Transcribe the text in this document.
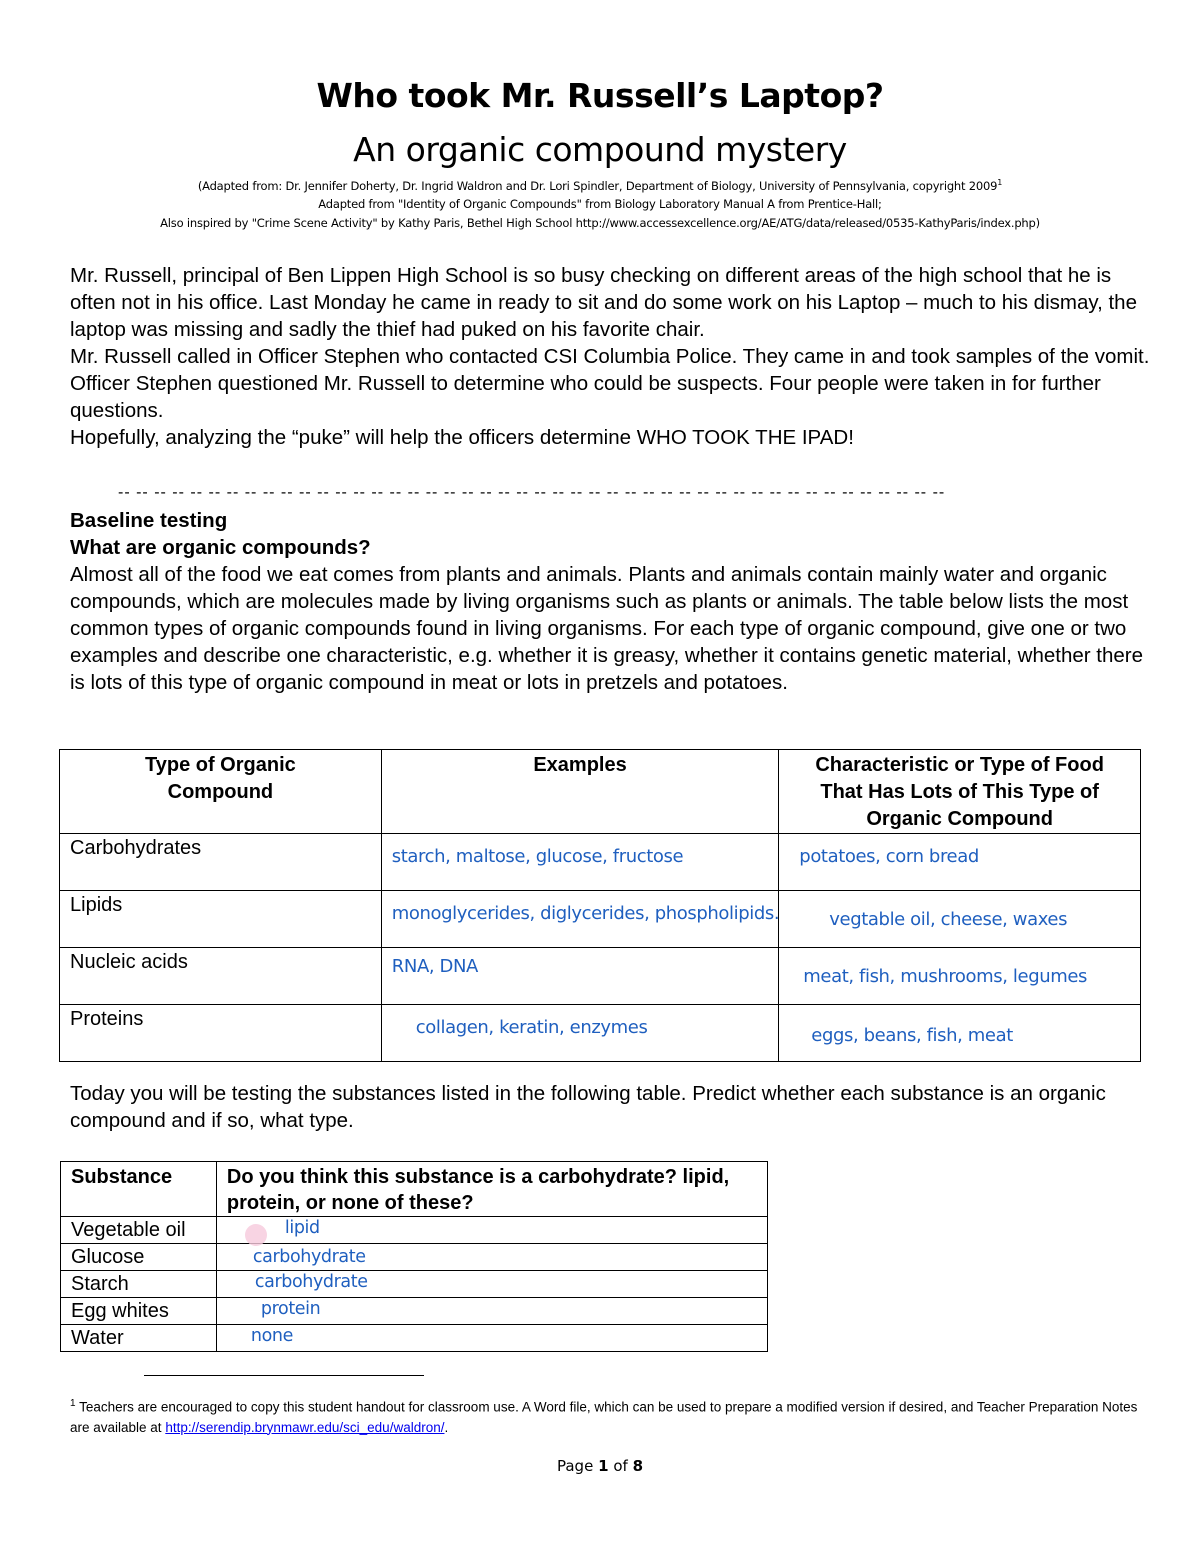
Who took Mr. Russell’s Laptop?
An organic compound mystery
(Adapted from: Dr. Jennifer Doherty, Dr. Ingrid Waldron and Dr. Lori Spindler, Department of Biology, University of Pennsylvania, copyright 2009$^1$
Adapted from "Identity of Organic Compounds" from Biology Laboratory Manual A from Prentice-Hall;
Also inspired by "Crime Scene Activity" by Kathy Paris, Bethel High School http://www.accessexcellence.org/AE/ATG/data/released/0535-KathyParis/index.php)

Mr. Russell, principal of Ben Lippen High School is so busy checking on different areas of the high school that he is often not in his office. Last Monday he came in ready to sit and do some work on his Laptop – much to his dismay, the laptop was missing and sadly the thief had puked on his favorite chair.

Mr. Russell called in Officer Stephen who contacted CSI Columbia Police. They came in and took samples of the vomit. Officer Stephen questioned Mr. Russell to determine who could be suspects. Four people were taken in for further questions.

Hopefully, analyzing the “puke” will help the officers determine WHO TOOK THE IPAD!

-- -- -- -- -- -- -- -- -- -- -- -- -- -- -- -- -- -- -- -- -- -- -- -- -- -- -- -- -- -- -- -- -- -- -- -- -- -- -- -- -- -- -- -- -- --

Baseline testing

What are organic compounds?

Almost all of the food we eat comes from plants and animals. Plants and animals contain mainly water and organic compounds, which are molecules made by living organisms such as plants or animals. The table below lists the most common types of organic compounds found in living organisms. For each type of organic compound, give one or two examples and describe one characteristic, e.g. whether it is greasy, whether it contains genetic material, whether there is lots of this type of organic compound in meat or lots in pretzels and potatoes.

Type of Organic Compound	Examples	Characteristic or Type of Food That Has Lots of This Type of Organic Compound
Carbohydrates	starch, maltose, glucose, fructose	potatoes, corn bread

Lipids	monoglycerides, diglycerides, phospholipids.	vegtable oil, cheese, waxes

Nucleic acids	RNA, DNA	meat, fish, mushrooms, legumes

Proteins	collagen, keratin, enzymes	eggs, beans, fish, meat
Today you will be testing the substances listed in the following table. Predict whether each substance is an organic compound and if so, what type.
Substance	Do you think this substance is a carbohydrate? lipid, protein, or none of these?
Vegetable oil	lipid

Glucose	carbohydrate

Starch	carbohydrate

Egg whites	protein

Water	none
$^1$ Teachers are encouraged to copy this student handout for classroom use. A Word file, which can be used to prepare a modified version if desired, and Teacher Preparation Notes are available at http://serendip.brynmawr.edu/sci_edu/waldron/.
Page 1 of 8
